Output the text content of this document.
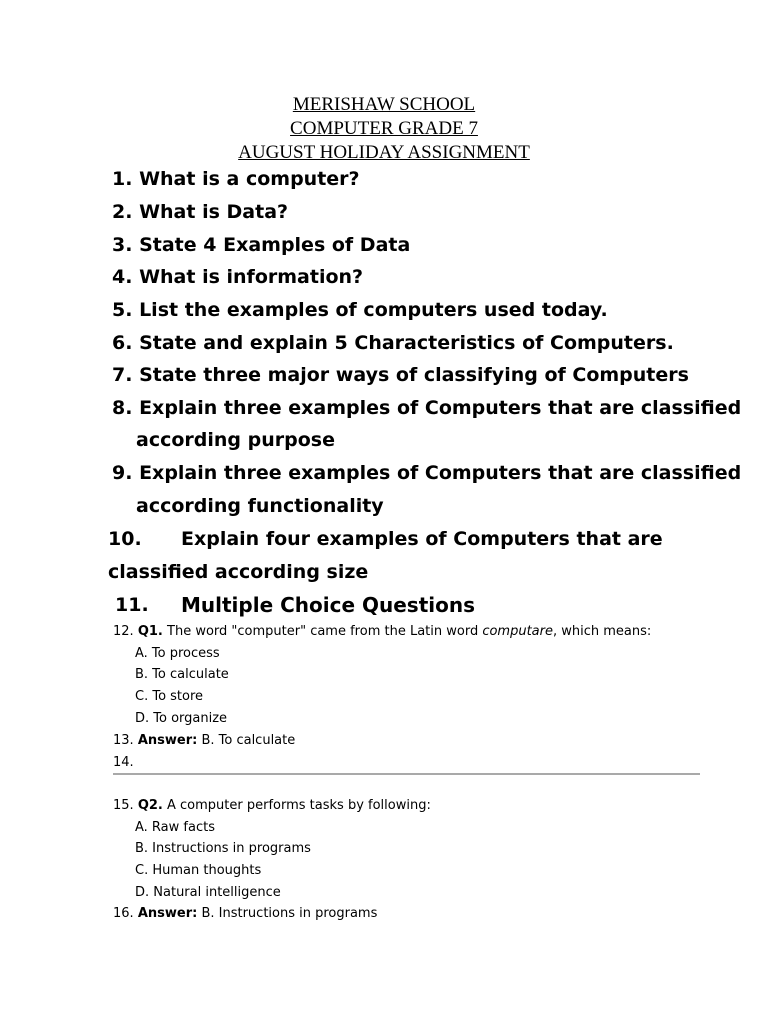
MERISHAW SCHOOL
COMPUTER GRADE 7
AUGUST HOLIDAY ASSIGNMENT
1. What is a computer?
2. What is Data?
3. State 4 Examples of Data
4. What is information?
5. List the examples of computers used today.
6. State and explain 5 Characteristics of Computers.
7. State three major ways of classifying of Computers
8. Explain three examples of Computers that are classified
according purpose
9. Explain three examples of Computers that are classified
according functionality
10. Explain four examples of Computers that are
classified according size
11. Multiple Choice Questions
12. Q1. The word "computer" came from the Latin word computare, which means:
A. To process
B. To calculate
C. To store
D. To organize
13. Answer: B. To calculate
14.
15. Q2. A computer performs tasks by following:
A. Raw facts
B. Instructions in programs
C. Human thoughts
D. Natural intelligence
16. Answer: B. Instructions in programs
